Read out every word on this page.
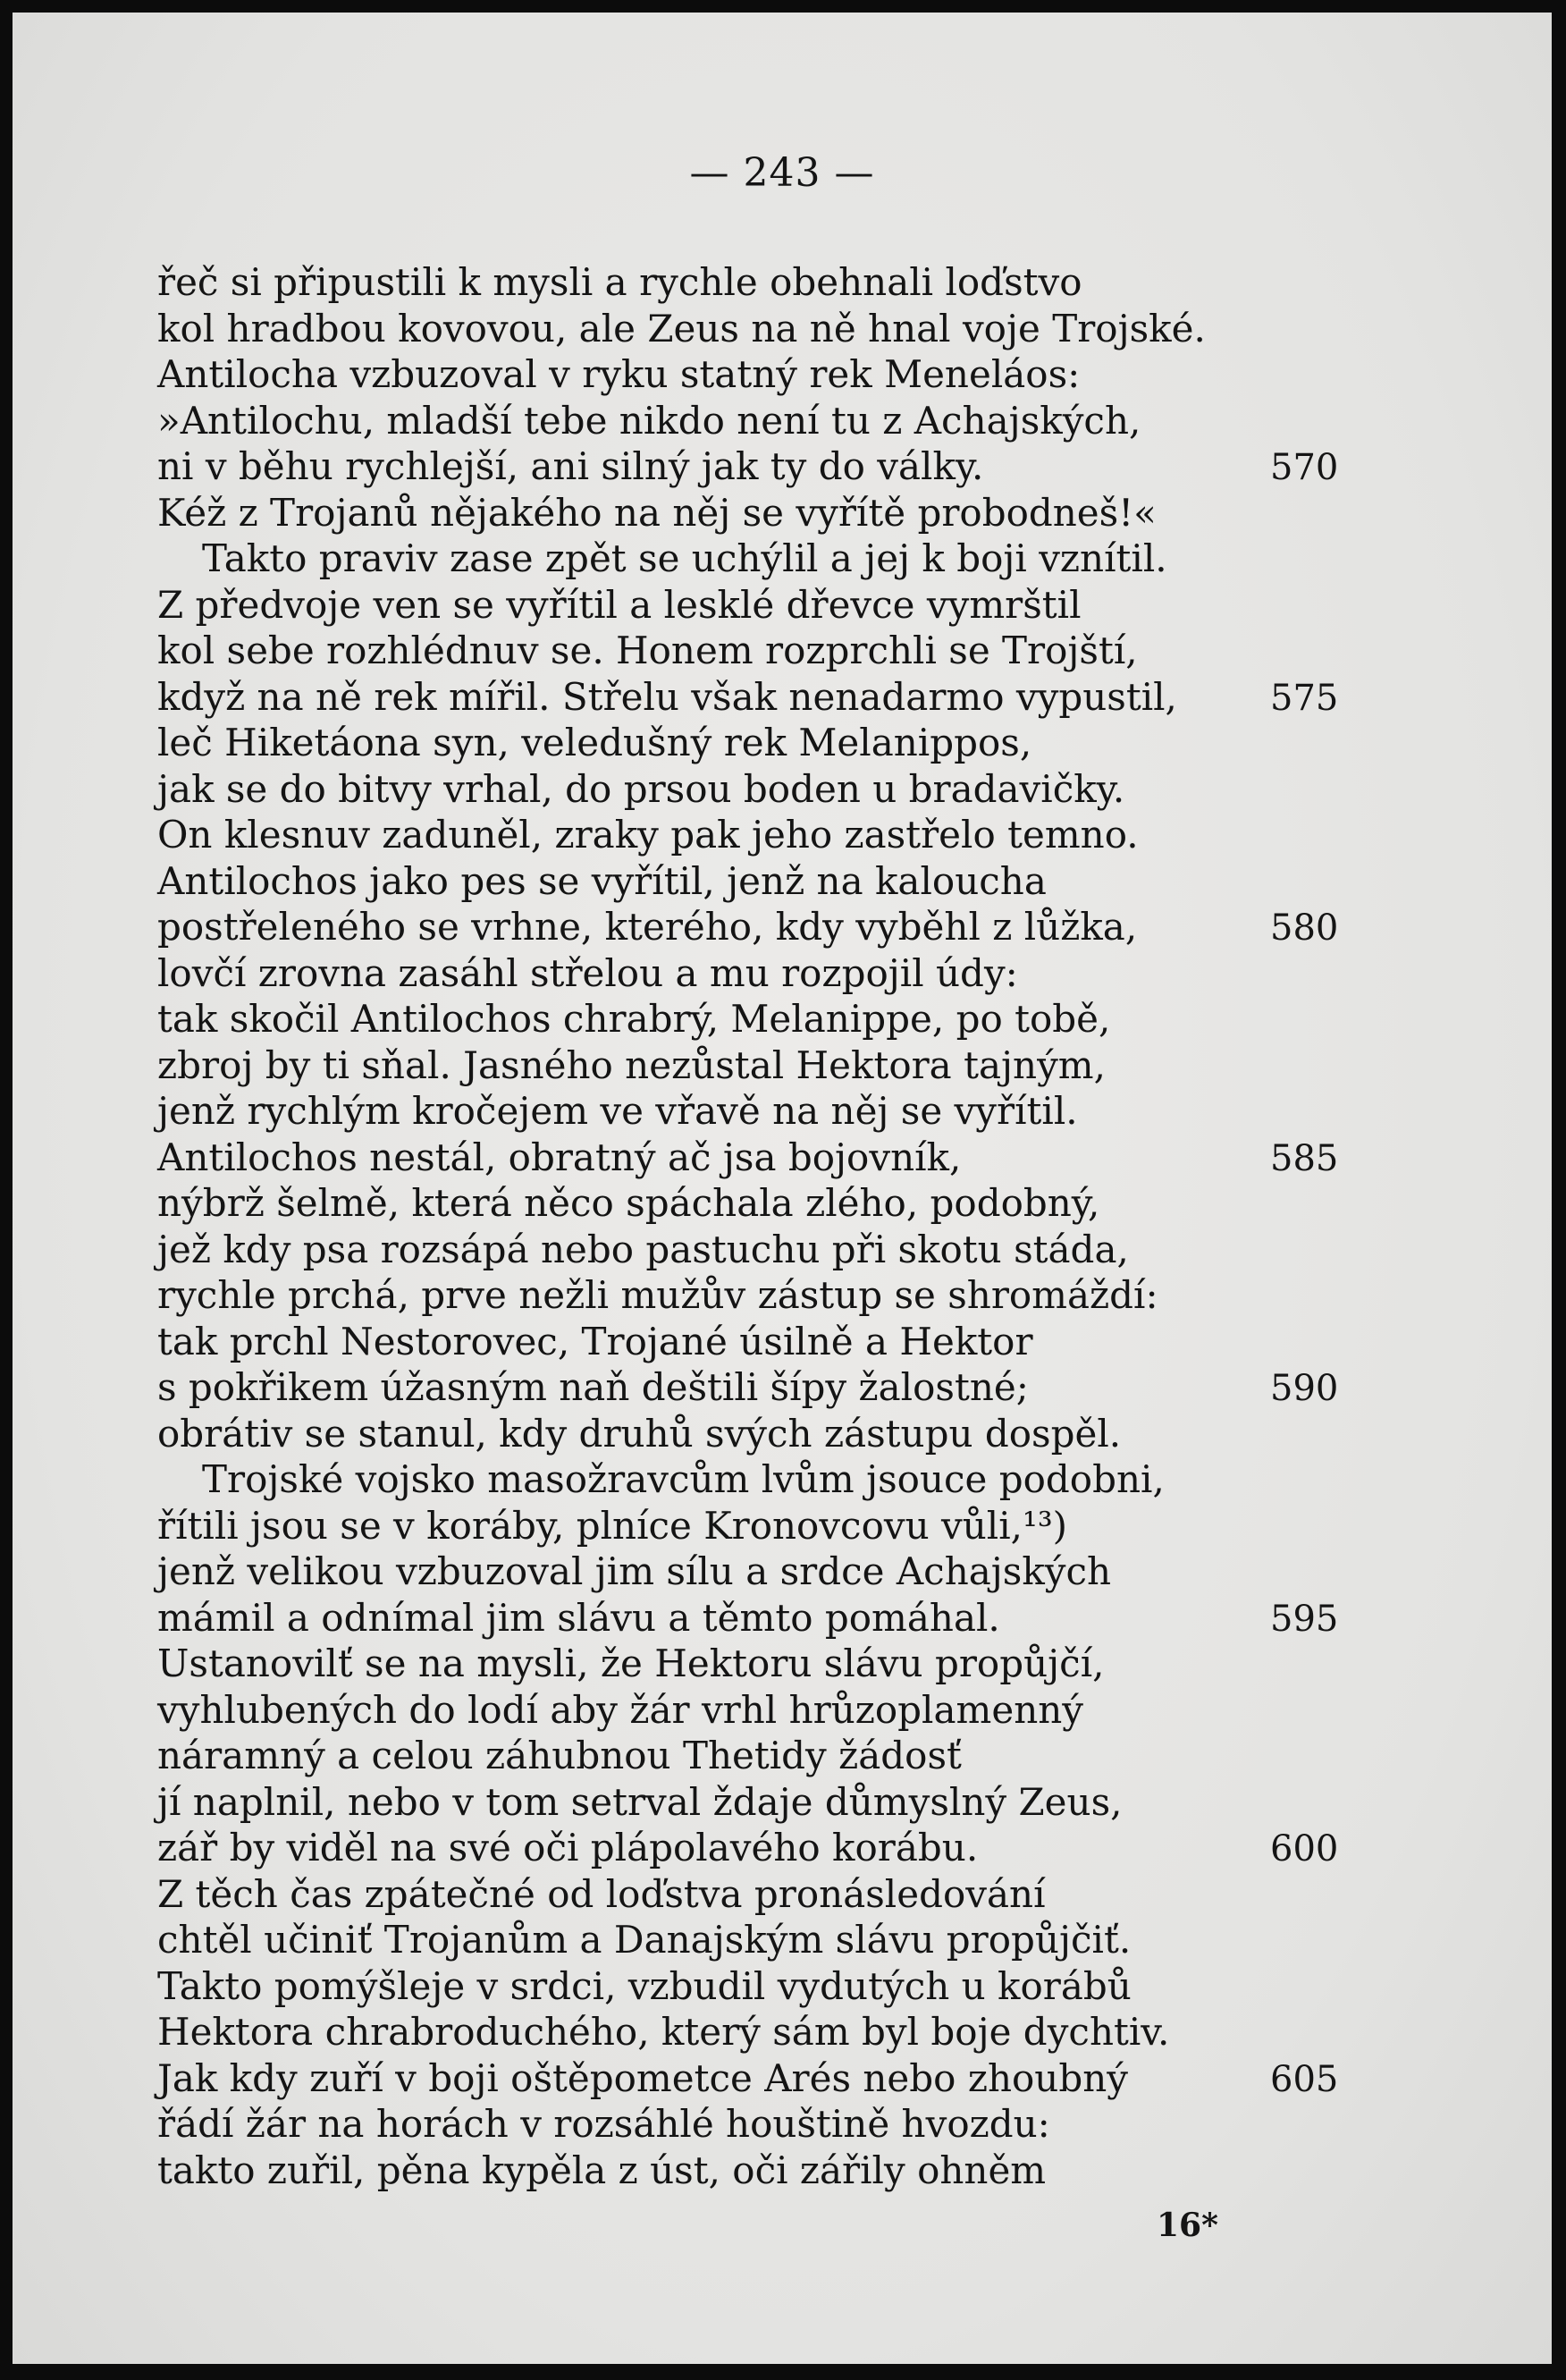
— 243 —
řeč si připustili k mysli a rychle obehnali loďstvo
kol hradbou kovovou, ale Zeus na ně hnal voje Trojské.
Antilocha vzbuzoval v ryku statný rek Meneláos:
»Antilochu, mladší tebe nikdo není tu z Achajských,
ni v běhu rychlejší, ani silný jak ty do války.	570
Kéž z Trojanů nějakého na něj se vyřítě probodneš!«
Takto praviv zase zpět se uchýlil a jej k boji vznítil.
Z předvoje ven se vyřítil a lesklé dřevce vymrštil
kol sebe rozhlédnuv se. Honem rozprchli se Trojští,
když na ně rek mířil. Střelu však nenadarmo vypustil,	575
leč Hiketáona syn, veledušný rek Melanippos,
jak se do bitvy vrhal, do prsou boden u bradavičky.
On klesnuv zaduněl, zraky pak jeho zastřelo temno.
Antilochos jako pes se vyřítil, jenž na kaloucha
postřeleného se vrhne, kterého, kdy vyběhl z lůžka,	580
lovčí zrovna zasáhl střelou a mu rozpojil údy:
tak skočil Antilochos chrabrý, Melanippe, po tobě,
zbroj by ti sňal. Jasného nezůstal Hektora tajným,
jenž rychlým kročejem ve vřavě na něj se vyřítil.
Antilochos nestál, obratný ač jsa bojovník,	585
nýbrž šelmě, která něco spáchala zlého, podobný,
jež kdy psa rozsápá nebo pastuchu při skotu stáda,
rychle prchá, prve nežli mužův zástup se shromáždí:
tak prchl Nestorovec, Trojané úsilně a Hektor
s pokřikem úžasným naň deštili šípy žalostné;	590
obrátiv se stanul, kdy druhů svých zástupu dospěl.
Trojské vojsko masožravcům lvům jsouce podobni,
řítili jsou se v koráby, plníce Kronovcovu vůli,¹³)
jenž velikou vzbuzoval jim sílu a srdce Achajských
mámil a odnímal jim slávu a těmto pomáhal.	595
Ustanovilť se na mysli, že Hektoru slávu propůjčí,
vyhlubených do lodí aby žár vrhl hrůzoplamenný
náramný a celou záhubnou Thetidy žádosť
jí naplnil, nebo v tom setrval ždaje důmyslný Zeus,
zář by viděl na své oči plápolavého korábu.	600
Z těch čas zpátečné od loďstva pronásledování
chtěl učiniť Trojanům a Danajským slávu propůjčiť.
Takto pomýšleje v srdci, vzbudil vydutých u korábů
Hektora chrabroduchého, který sám byl boje dychtiv.
Jak kdy zuří v boji oštěpometce Arés nebo zhoubný	605
řádí žár na horách v rozsáhlé houštině hvozdu:
takto zuřil, pěna kypěla z úst, oči zářily ohněm
16*
